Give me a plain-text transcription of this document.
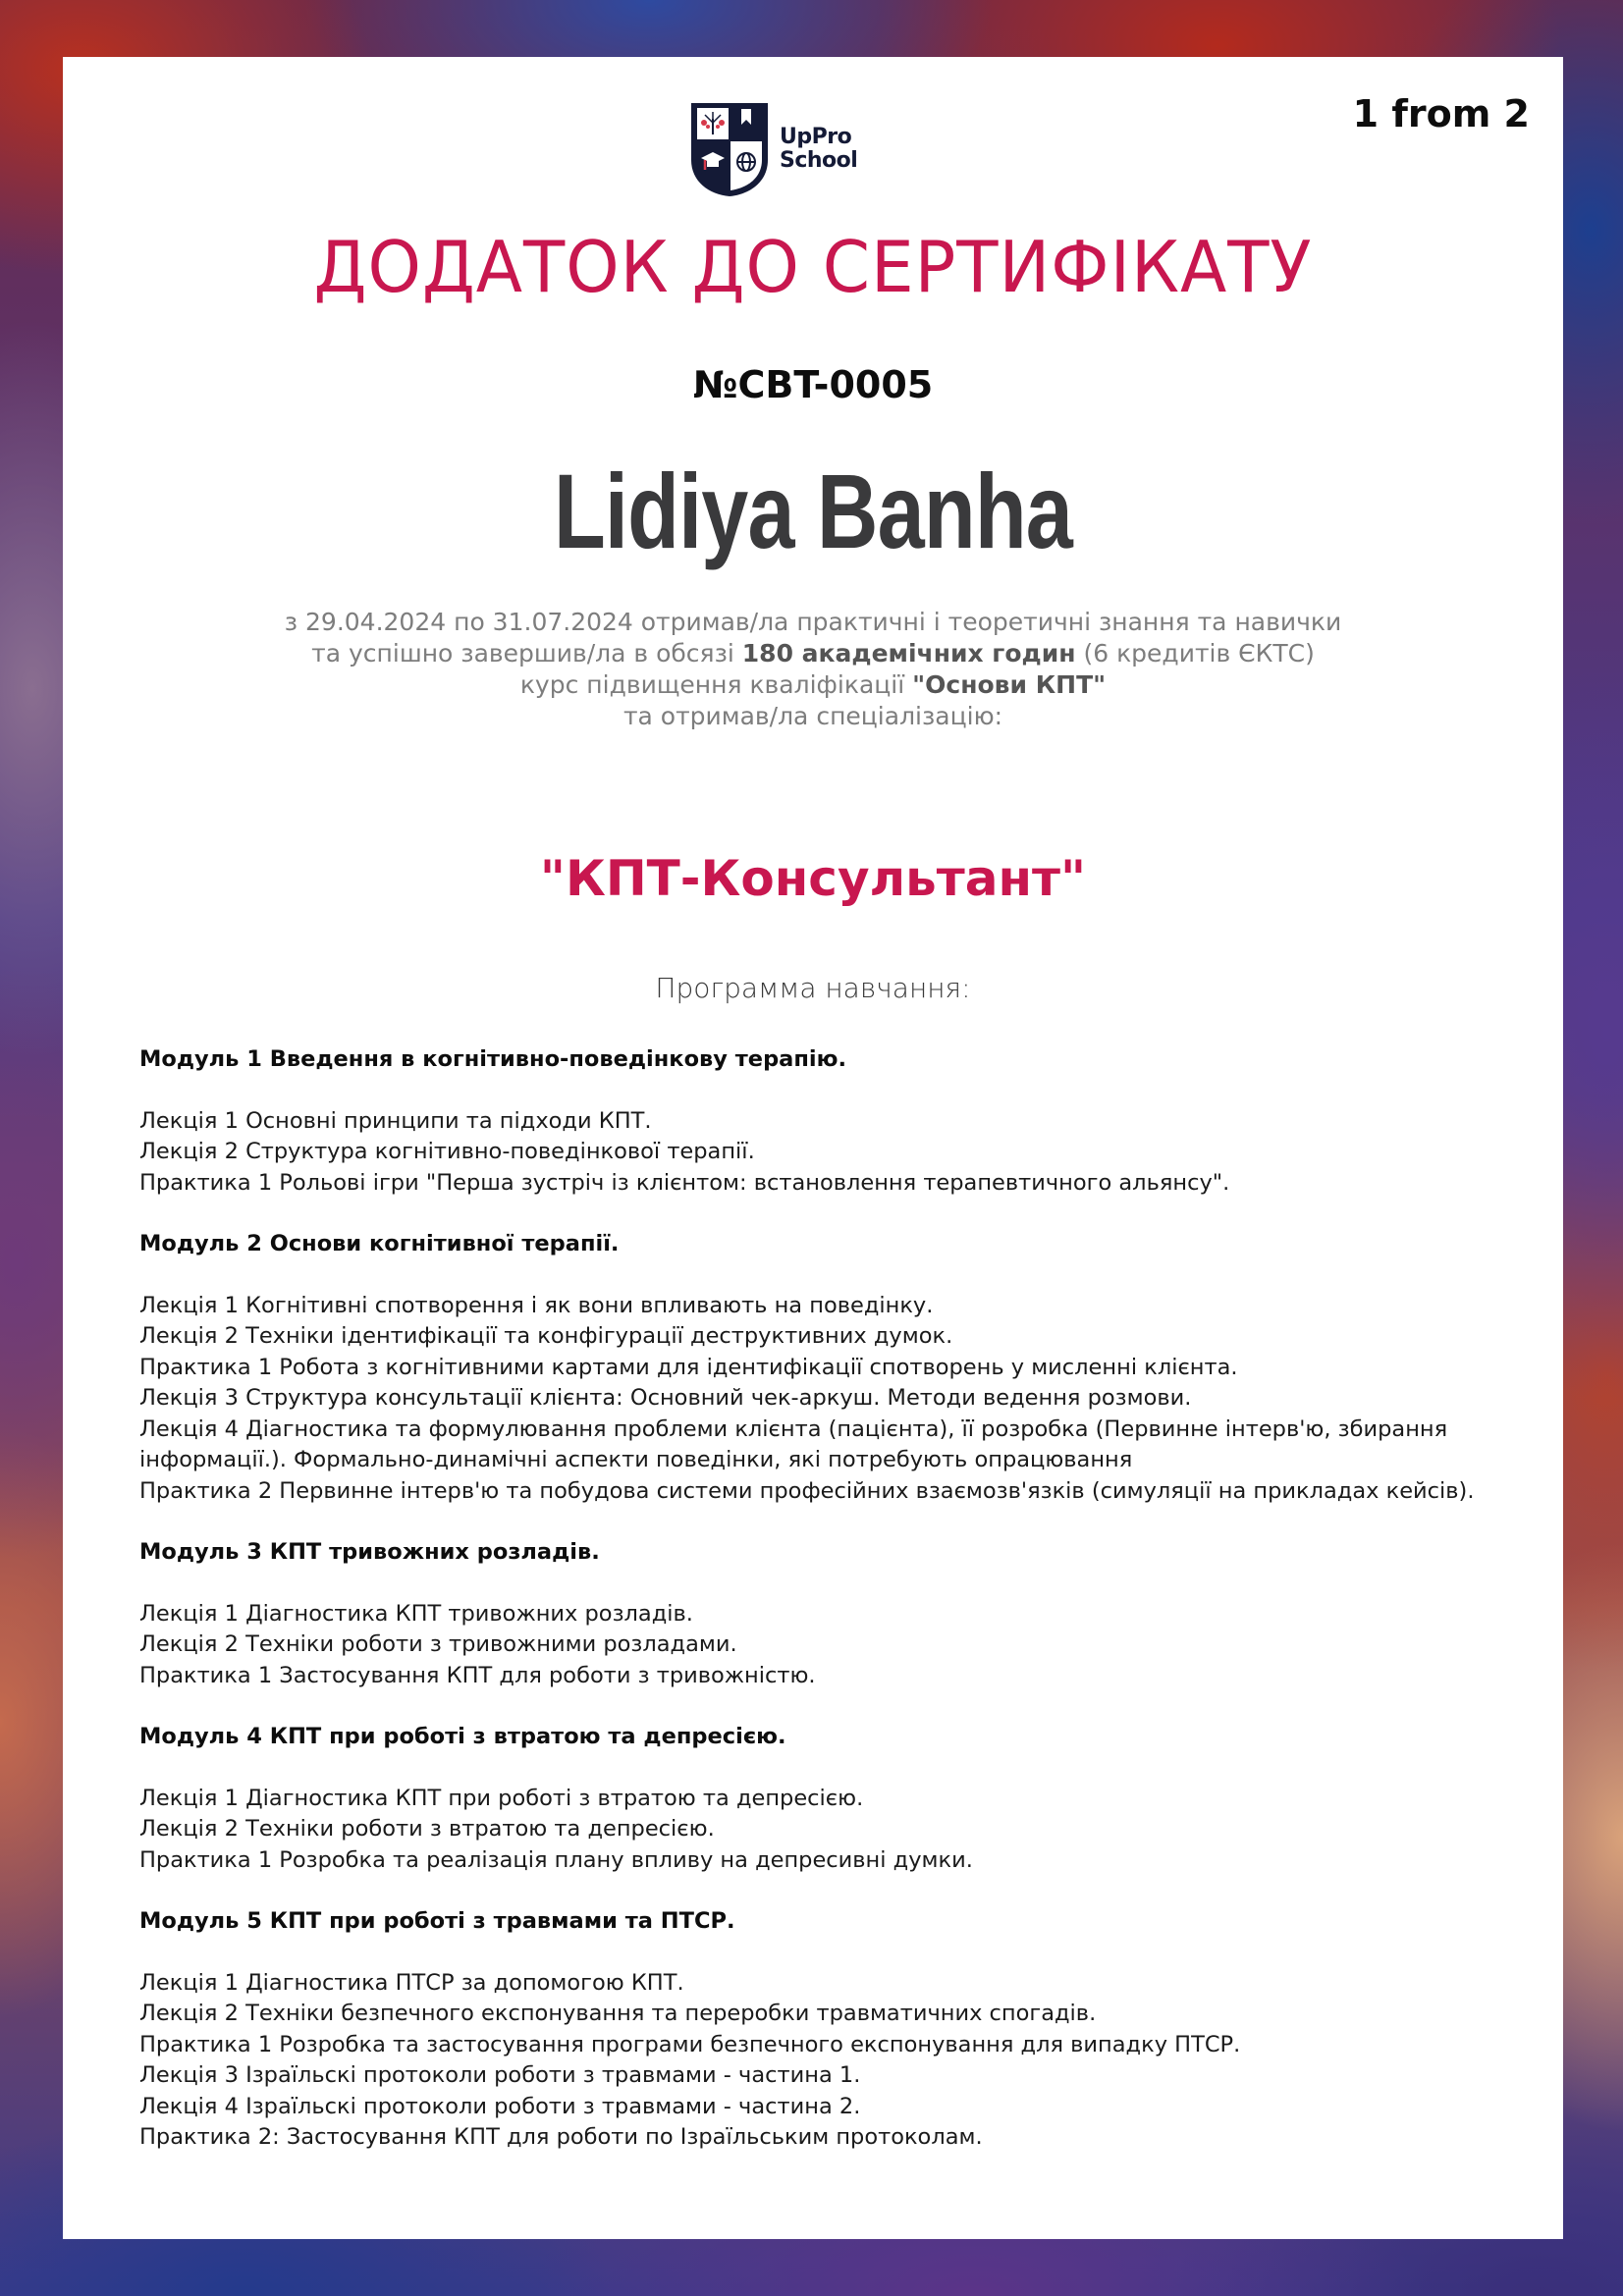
UpPro
School
1 from 2
ДОДАТОК ДО СЕРТИФІКАТУ
№CBT-0005
Lidiya Banha
з 29.04.2024 по 31.07.2024 отримав/ла практичні і теоретичні знання та навички
та успішно завершив/ла в обсязі 180 академічних годин (6 кредитів ЄКТС)
курс підвищення кваліфікації "Основи КПТ"
та отримав/ла спеціалізацію:
"КПТ-Консультант"
Программа навчання:
Модуль 1 Введення в когнітивно-поведінкову терапію.
Лекція 1 Основні принципи та підходи КПТ.
Лекція 2 Структура когнітивно-поведінкової терапії.
Практика 1 Рольові ігри "Перша зустріч із клієнтом: встановлення терапевтичного альянсу".
Модуль 2 Основи когнітивної терапії.
Лекція 1 Когнітивні спотворення і як вони впливають на поведінку.
Лекція 2 Техніки ідентифікації та конфігурації деструктивних думок.
Практика 1 Робота з когнітивними картами для ідентифікації спотворень у мисленні клієнта.
Лекція 3 Структура консультації клієнта: Основний чек-аркуш. Методи ведення розмови.
Лекція 4 Діагностика та формулювання проблеми клієнта (пацієнта), її розробка (Первинне інтерв'ю, збирання інформації.). Формально-динамічні аспекти поведінки, які потребують опрацювання
Практика 2 Первинне інтерв'ю та побудова системи професійних взаємозв'язків (симуляції на прикладах кейсів).
Модуль 3 КПТ тривожних розладів.
Лекція 1 Діагностика КПТ тривожних розладів.
Лекція 2 Техніки роботи з тривожними розладами.
Практика 1 Застосування КПТ для роботи з тривожністю.
Модуль 4 КПТ при роботі з втратою та депресією.
Лекція 1 Діагностика КПТ при роботі з втратою та депресією.
Лекція 2 Техніки роботи з втратою та депресією.
Практика 1 Розробка та реалізація плану впливу на депресивні думки.
Модуль 5 КПТ при роботі з травмами та ПТСР.
Лекція 1 Діагностика ПТСР за допомогою КПТ.
Лекція 2 Техніки безпечного експонування та переробки травматичних спогадів.
Практика 1 Розробка та застосування програми безпечного експонування для випадку ПТСР.
Лекція 3 Ізраїльскі протоколи роботи з травмами - частина 1.
Лекція 4 Ізраїльскі протоколи роботи з травмами - частина 2.
Практика 2: Застосування КПТ для роботи по Ізраїльським протоколам.
